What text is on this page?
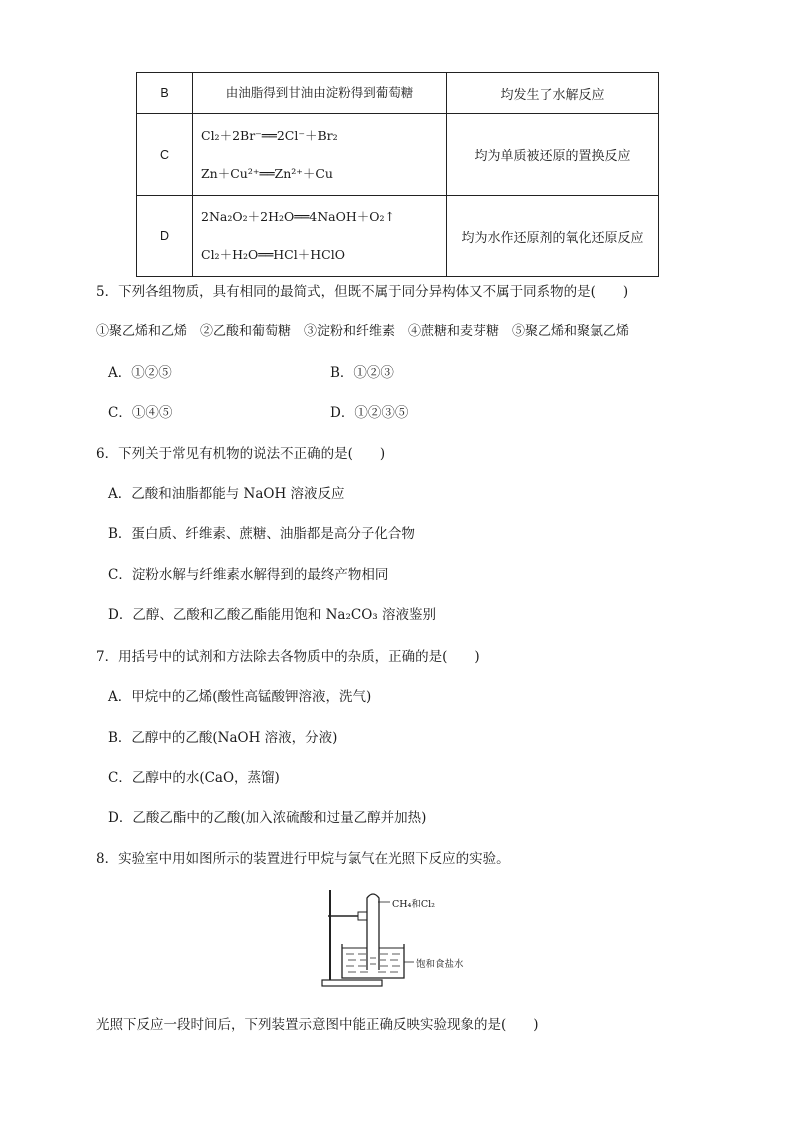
B	由油脂得到甘油由淀粉得到葡萄糖	均发生了水解反应
C	Cl₂＋2Br⁻══2Cl⁻＋Br₂
Zn＋Cu²⁺══Zn²⁺＋Cu	均为单质被还原的置换反应
D	2Na₂O₂＋2H₂O══4NaOH＋O₂↑
Cl₂＋H₂O══HCl＋HClO	均为水作还原剂的氧化还原反应
5．下列各组物质，具有相同的最简式，但既不属于同分异构体又不属于同系物的是(　　)
①聚乙烯和乙烯　②乙酸和葡萄糖　③淀粉和纤维素　④蔗糖和麦芽糖　⑤聚乙烯和聚氯乙烯
A．①②⑤	B．①②③
C．①④⑤	D．①②③⑤
6．下列关于常见有机物的说法不正确的是(　　)
A．乙酸和油脂都能与 NaOH 溶液反应
B．蛋白质、纤维素、蔗糖、油脂都是高分子化合物
C．淀粉水解与纤维素水解得到的最终产物相同
D．乙醇、乙酸和乙酸乙酯能用饱和 Na₂CO₃ 溶液鉴别
7．用括号中的试剂和方法除去各物质中的杂质，正确的是(　　)
A．甲烷中的乙烯(酸性高锰酸钾溶液，洗气)
B．乙醇中的乙酸(NaOH 溶液，分液)
C．乙醇中的水(CaO，蒸馏)
D．乙酸乙酯中的乙酸(加入浓硫酸和过量乙醇并加热)
8．实验室中用如图所示的装置进行甲烷与氯气在光照下反应的实验。
CH₄和Cl₂
饱和食盐水
光照下反应一段时间后，下列装置示意图中能正确反映实验现象的是(　　)
